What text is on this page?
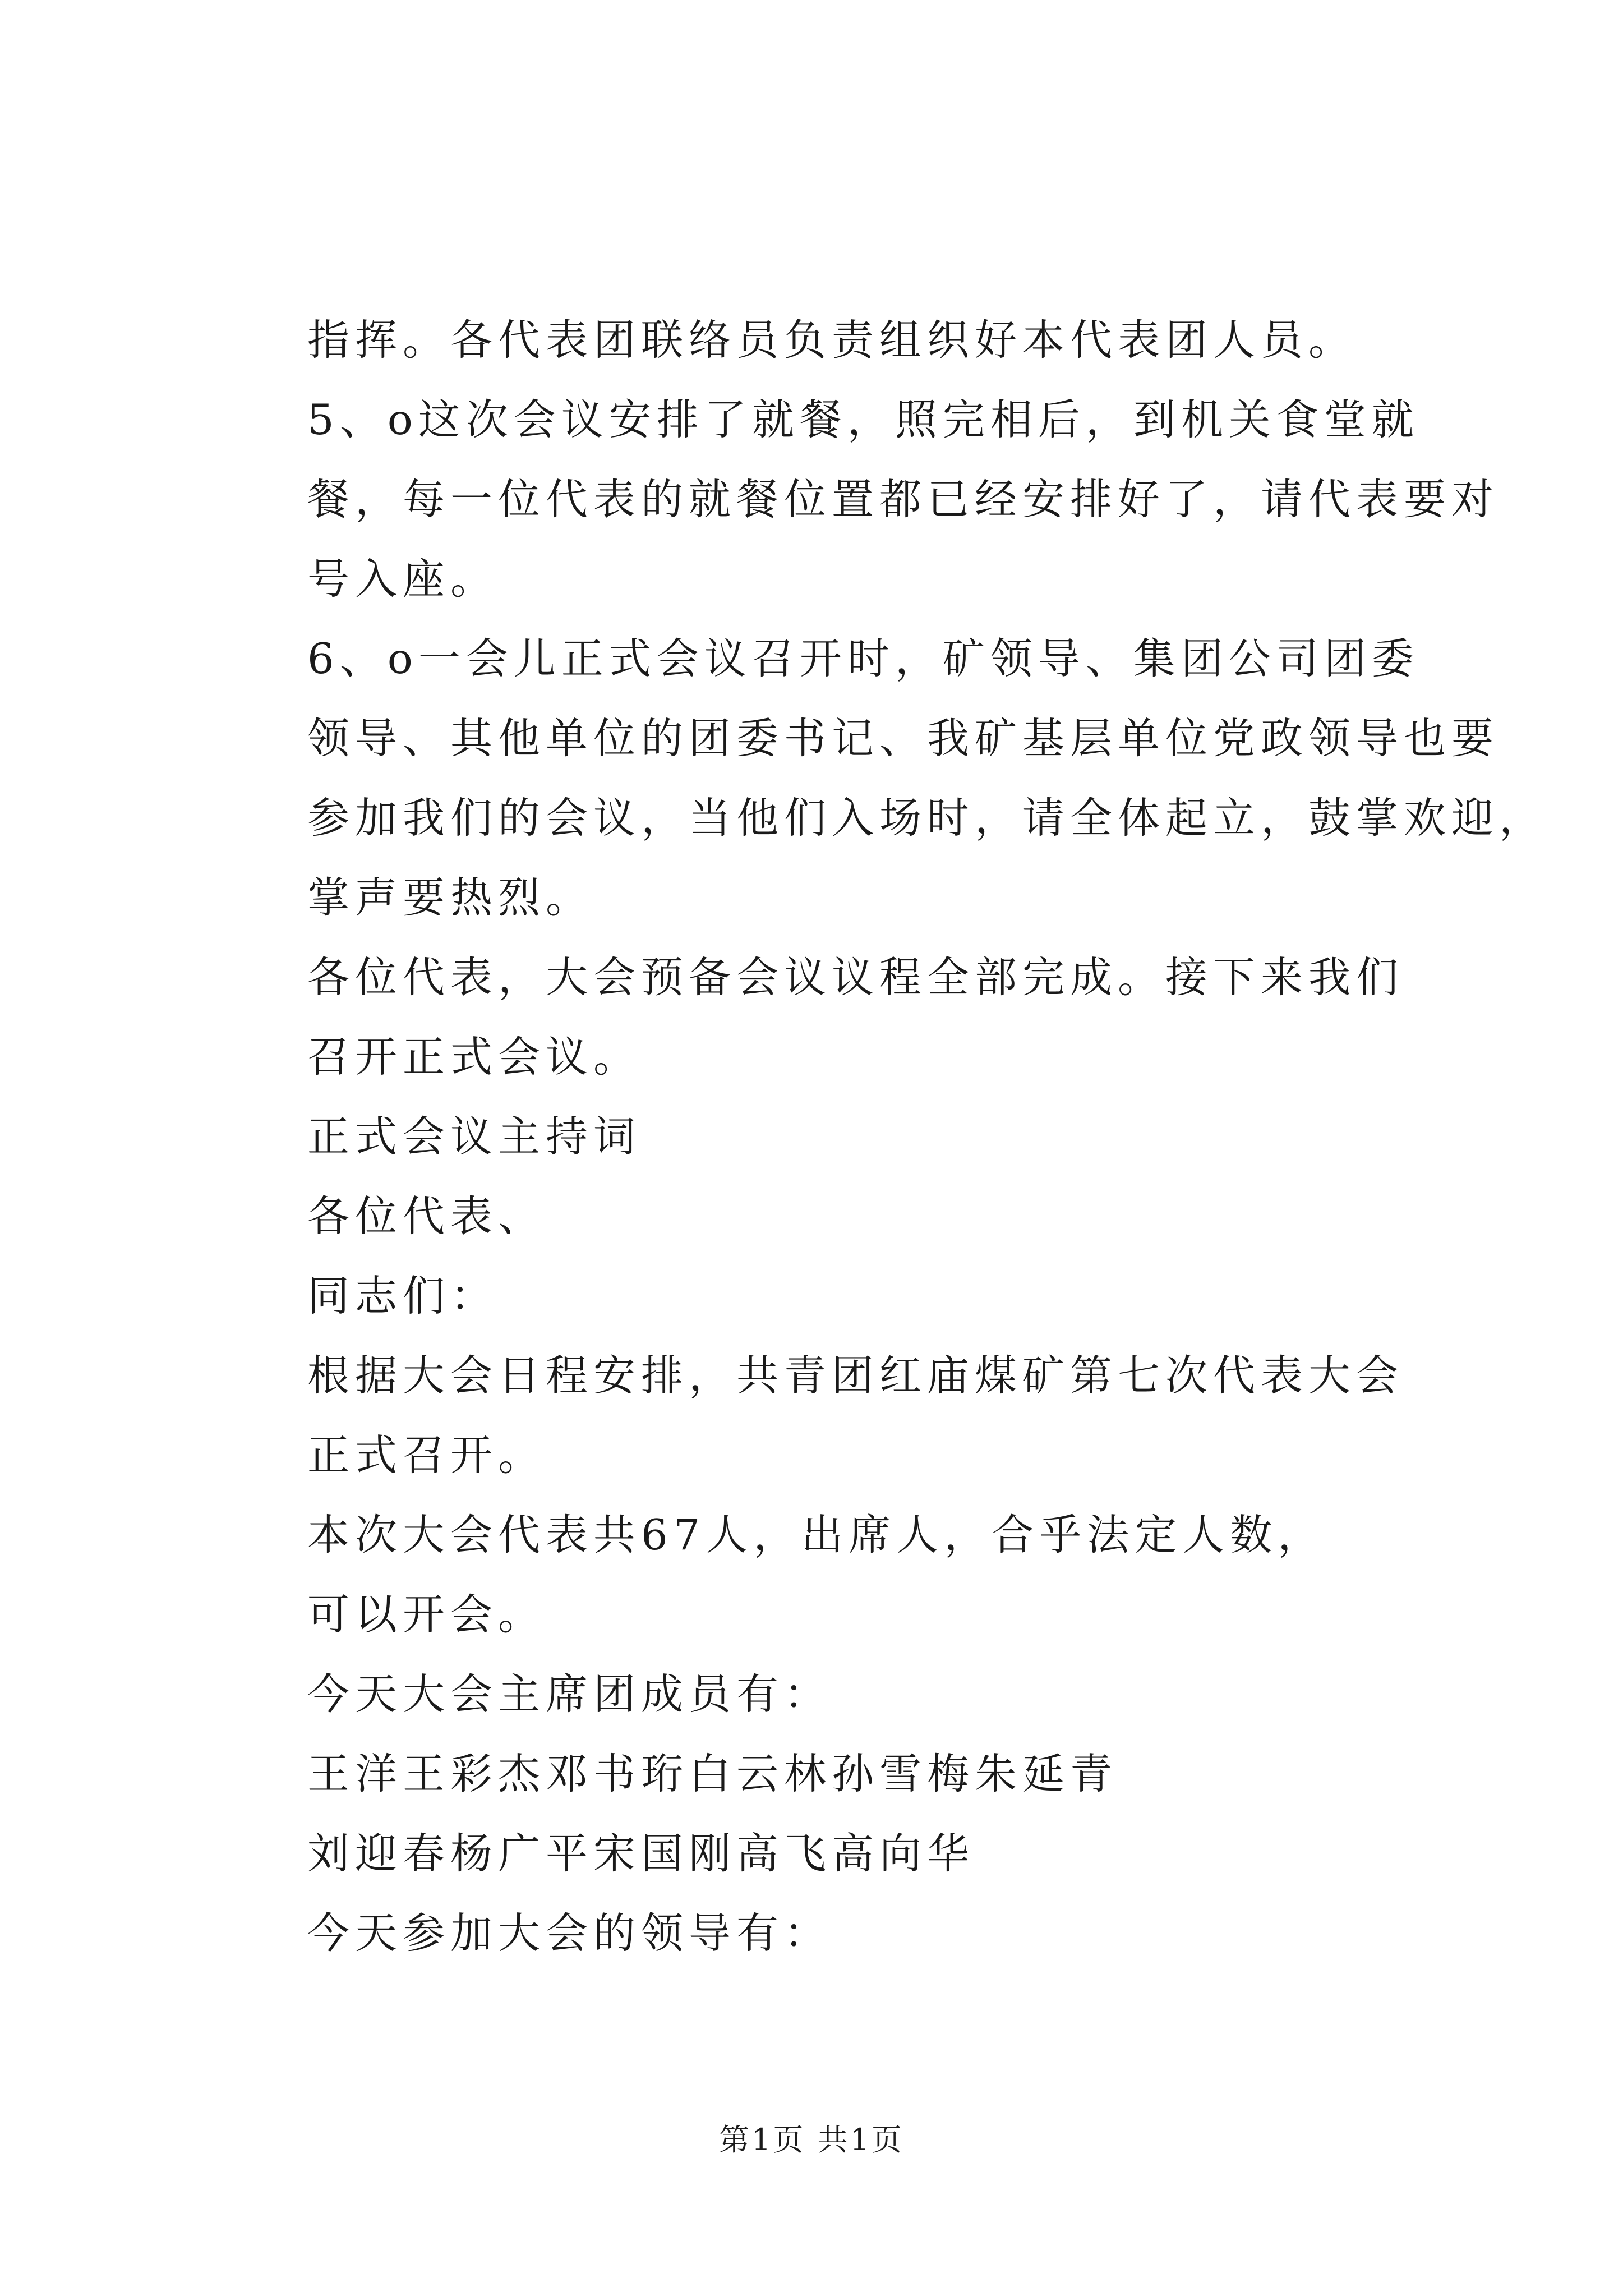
指挥。各代表团联络员负责组织好本代表团人员。
5、o这次会议安排了就餐，照完相后，到机关食堂就
餐，每一位代表的就餐位置都已经安排好了，请代表要对
号入座。
6、o一会儿正式会议召开时，矿领导、集团公司团委
领导、其他单位的团委书记、我矿基层单位党政领导也要
参加我们的会议，当他们入场时，请全体起立，鼓掌欢迎，
掌声要热烈。
各位代表，大会预备会议议程全部完成。接下来我们
召开正式会议。
正式会议主持词
各位代表、
同志们：
根据大会日程安排，共青团红庙煤矿第七次代表大会
正式召开。
本次大会代表共67人，出席人，合乎法定人数，
可以开会。
今天大会主席团成员有：
王洋王彩杰邓书珩白云林孙雪梅朱延青
刘迎春杨广平宋国刚高飞高向华
今天参加大会的领导有：
第1页 共1页
